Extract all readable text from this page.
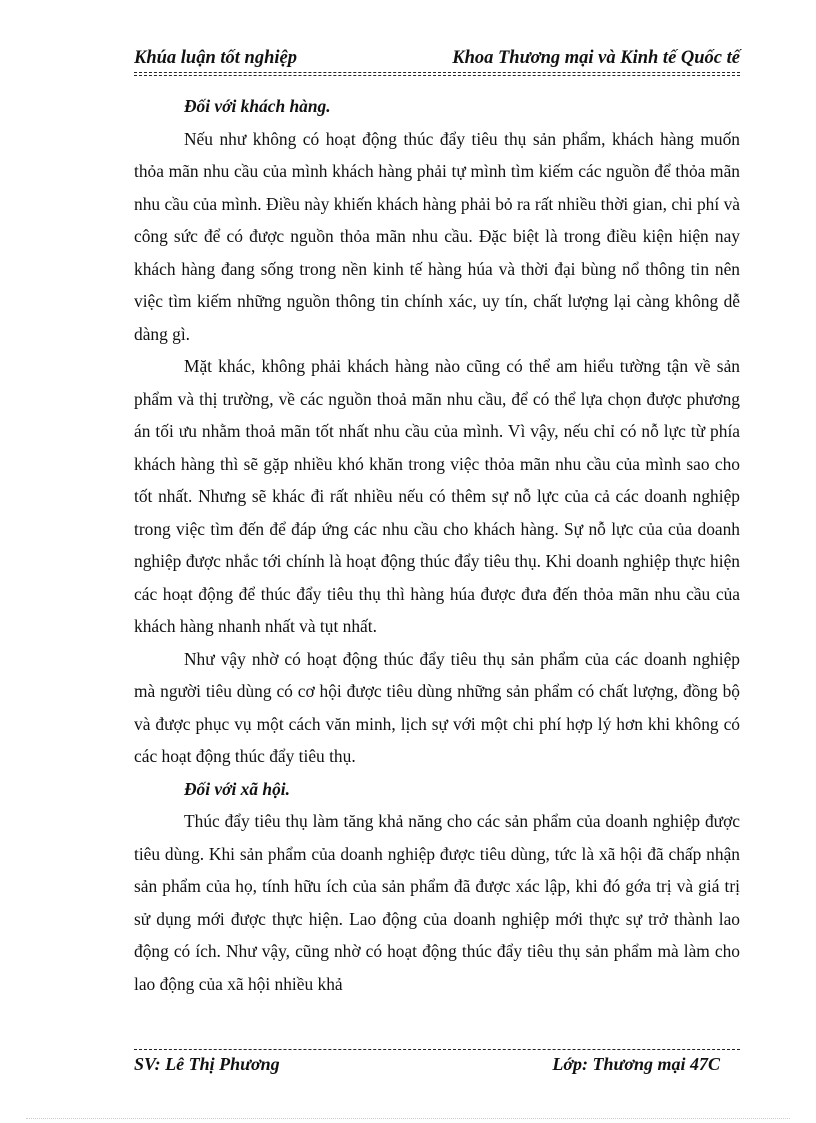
Khúa luận tốt nghiệp	Khoa Thương mại và Kinh tế Quốc tế

Đối với khách hàng.

Nếu như không có hoạt động thúc đẩy tiêu thụ sản phẩm, khách hàng muốn thỏa mãn nhu cầu của mình khách hàng phải tự mình tìm kiếm các nguồn để thỏa mãn nhu cầu của mình. Điều này khiến khách hàng phải bỏ ra rất nhiều thời gian, chi phí và công sức để có được nguồn thỏa mãn nhu cầu. Đặc biệt là trong điều kiện hiện nay khách hàng đang sống trong nền kinh tế hàng húa và thời đại bùng nổ thông tin nên việc tìm kiếm những nguồn thông tin chính xác, uy tín, chất lượng lại càng không dễ dàng gì.

Mặt khác, không phải khách hàng nào cũng có thể am hiểu tường tận về sản phẩm và thị trường, về các nguồn thoả mãn nhu cầu, để có thể lựa chọn được phương án tối ưu nhằm thoả mãn tốt nhất nhu cầu của mình. Vì vậy, nếu chỉ có nỗ lực từ phía khách hàng thì sẽ gặp nhiều khó khăn trong việc thỏa mãn nhu cầu của mình sao cho tốt nhất. Nhưng sẽ khác đi rất nhiều nếu có thêm sự nỗ lực của cả các doanh nghiệp trong việc tìm đến để đáp ứng các nhu cầu cho khách hàng. Sự nỗ lực của của doanh nghiệp được nhắc tới chính là hoạt động thúc đẩy tiêu thụ. Khi doanh nghiệp thực hiện các hoạt động để thúc đẩy tiêu thụ thì hàng húa được đưa đến thỏa mãn nhu cầu của khách hàng nhanh nhất và tụt nhất.

Như vậy nhờ có hoạt động thúc đẩy tiêu thụ sản phẩm của các doanh nghiệp mà người tiêu dùng có cơ hội được tiêu dùng những sản phẩm có chất lượng, đồng bộ và được phục vụ một cách văn minh, lịch sự với một chi phí hợp lý hơn khi không có các hoạt động thúc đẩy tiêu thụ.

Đối với xã hội.

Thúc đẩy tiêu thụ làm tăng khả năng cho các sản phẩm của doanh nghiệp được tiêu dùng. Khi sản phẩm của doanh nghiệp được tiêu dùng, tức là xã hội đã chấp nhận sản phẩm của họ, tính hữu ích của sản phẩm đã được xác lập, khi đó gớa trị và giá trị sử dụng mới được thực hiện. Lao động của doanh nghiệp mới thực sự trở thành lao động có ích. Như vậy, cũng nhờ có hoạt động thúc đẩy tiêu thụ sản phẩm mà làm cho lao động của xã hội nhiều khả

SV: Lê Thị Phương	Lớp: Thương mại 47C
